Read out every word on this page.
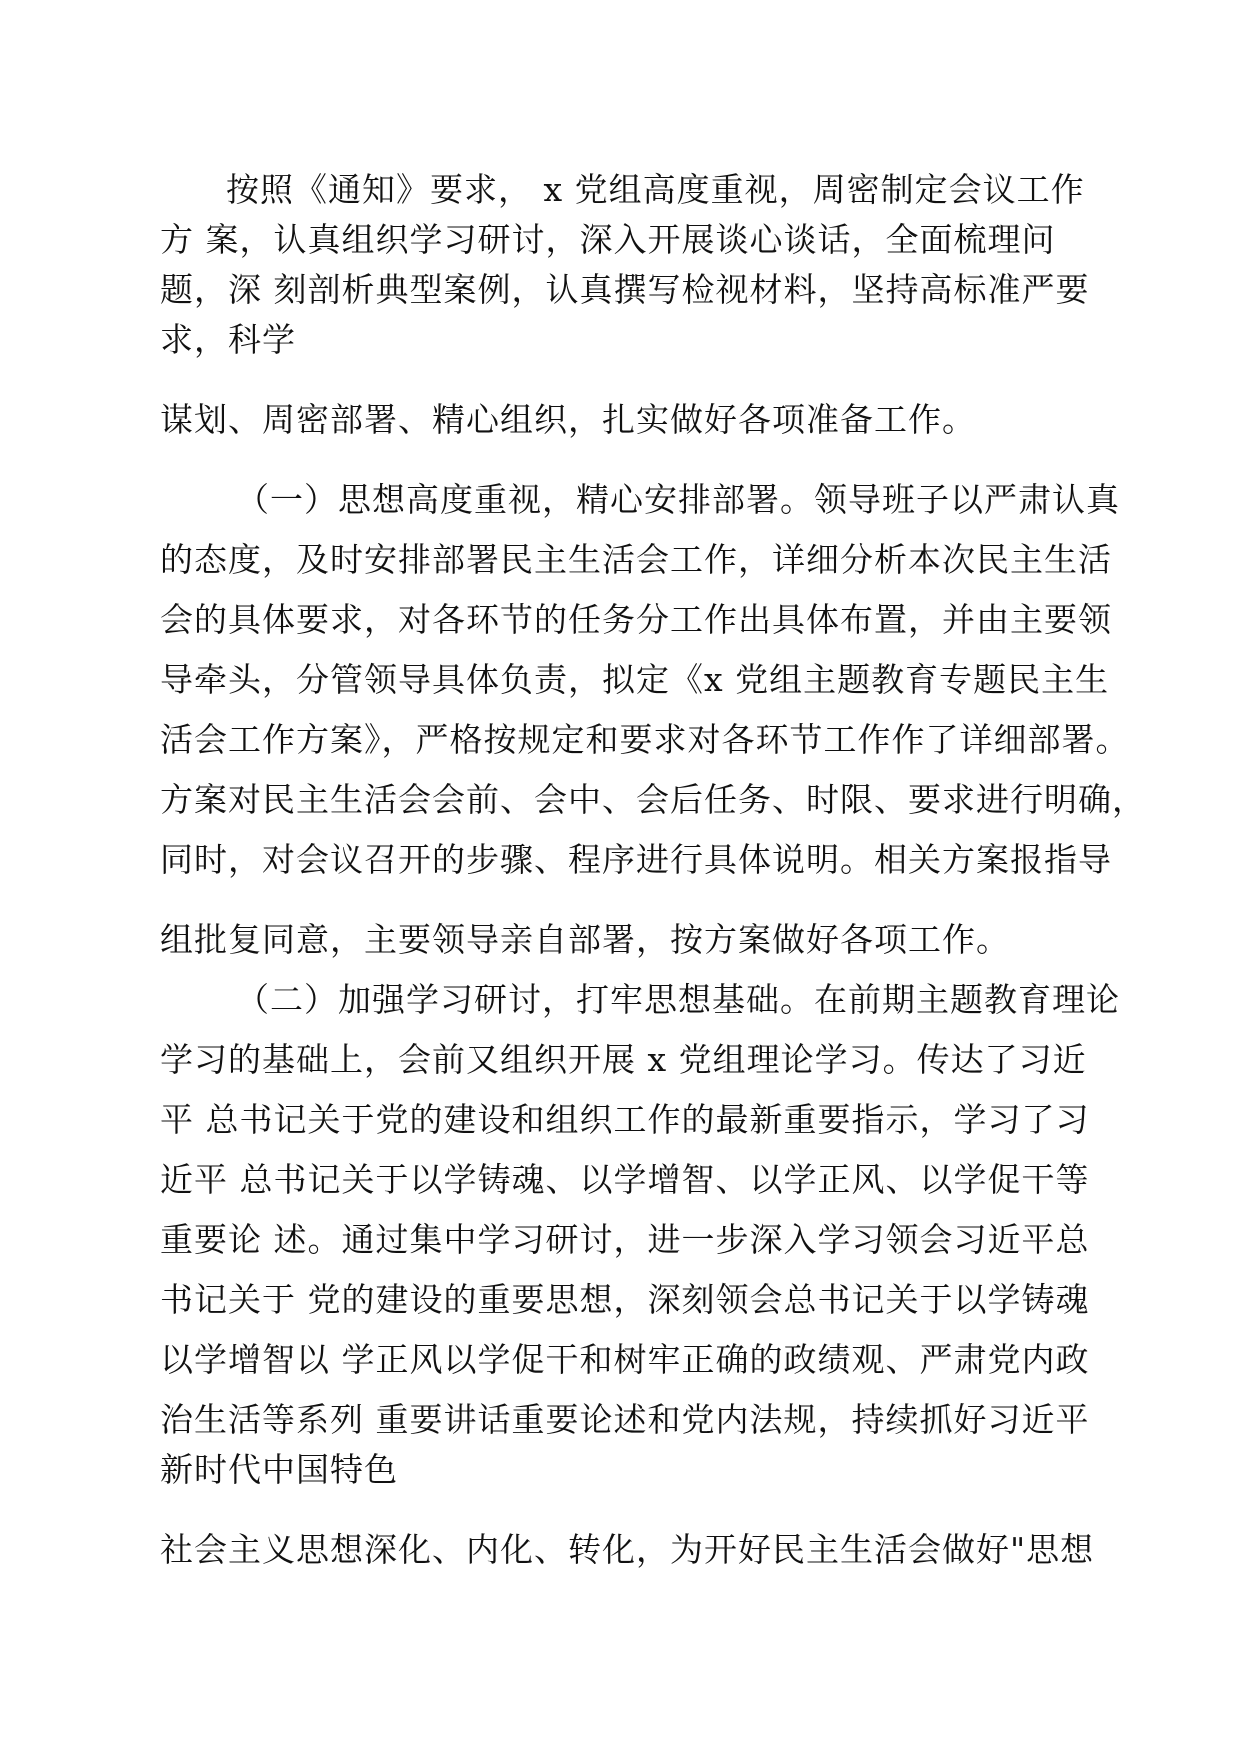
按照《通知》要求， x 党组高度重视，周密制定会议工作
方 案，认真组织学习研讨，深入开展谈心谈话，全面梳理问
题，深 刻剖析典型案例，认真撰写检视材料，坚持高标准严要
求，科学
谋划、周密部署、精心组织，扎实做好各项准备工作。
（一）思想高度重视，精心安排部署。领导班子以严肃认真
的态度，及时安排部署民主生活会工作，详细分析本次民主生活
会的具体要求，对各环节的任务分工作出具体布置，并由主要领
导牵头，分管领导具体负责，拟定《x 党组主题教育专题民主生
活会工作方案》，严格按规定和要求对各环节工作作了详细部署。
方案对民主生活会会前、会中、会后任务、时限、要求进行明确，
同时，对会议召开的步骤、程序进行具体说明。相关方案报指导
组批复同意，主要领导亲自部署，按方案做好各项工作。
（二）加强学习研讨，打牢思想基础。在前期主题教育理论
学习的基础上，会前又组织开展 x 党组理论学习。传达了习近
平 总书记关于党的建设和组织工作的最新重要指示，学习了习
近平 总书记关于以学铸魂、以学增智、以学正风、以学促干等
重要论 述。通过集中学习研讨，进一步深入学习领会习近平总
书记关于 党的建设的重要思想，深刻领会总书记关于以学铸魂
以学增智以 学正风以学促干和树牢正确的政绩观、严肃党内政
治生活等系列 重要讲话重要论述和党内法规，持续抓好习近平
新时代中国特色
社会主义思想深化、内化、转化，为开好民主生活会做好"思想
